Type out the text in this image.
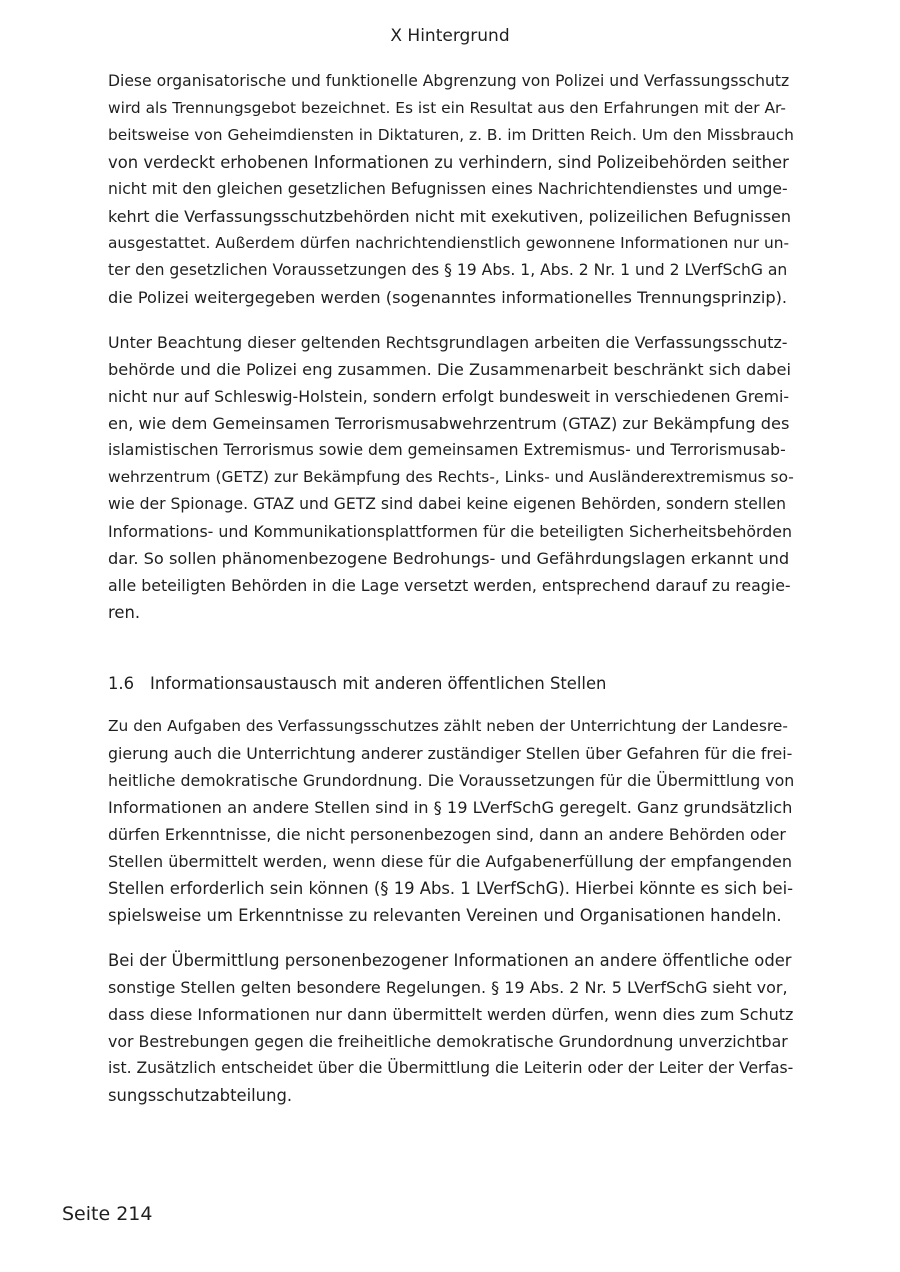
X Hintergrund

Diese organisatorische und funktionelle Abgrenzung von Polizei und Verfassungsschutz
wird als Trennungsgebot bezeichnet. Es ist ein Resultat aus den Erfahrungen mit der Ar-
beitsweise von Geheimdiensten in Diktaturen, z. B. im Dritten Reich. Um den Missbrauch
von verdeckt erhobenen Informationen zu verhindern, sind Polizeibehörden seither
nicht mit den gleichen gesetzlichen Befugnissen eines Nachrichtendienstes und umge-
kehrt die Verfassungsschutzbehörden nicht mit exekutiven, polizeilichen Befugnissen
ausgestattet. Außerdem dürfen nachrichtendienstlich gewonnene Informationen nur un-
ter den gesetzlichen Voraussetzungen des § 19 Abs. 1, Abs. 2 Nr. 1 und 2 LVerfSchG an
die Polizei weitergegeben werden (sogenanntes informationelles Trennungsprinzip).

Unter Beachtung dieser geltenden Rechtsgrundlagen arbeiten die Verfassungsschutz-
behörde und die Polizei eng zusammen. Die Zusammenarbeit beschränkt sich dabei
nicht nur auf Schleswig-Holstein, sondern erfolgt bundesweit in verschiedenen Gremi-
en, wie dem Gemeinsamen Terrorismusabwehrzentrum (GTAZ) zur Bekämpfung des
islamistischen Terrorismus sowie dem gemeinsamen Extremismus- und Terrorismusab-
wehrzentrum (GETZ) zur Bekämpfung des Rechts-, Links- und Ausländerextremismus so-
wie der Spionage. GTAZ und GETZ sind dabei keine eigenen Behörden, sondern stellen
Informations- und Kommunikationsplattformen für die beteiligten Sicherheitsbehörden
dar. So sollen phänomenbezogene Bedrohungs- und Gefährdungslagen erkannt und
alle beteiligten Behörden in die Lage versetzt werden, entsprechend darauf zu reagie-
ren.

1.6 Informationsaustausch mit anderen öffentlichen Stellen

Zu den Aufgaben des Verfassungsschutzes zählt neben der Unterrichtung der Landesre-
gierung auch die Unterrichtung anderer zuständiger Stellen über Gefahren für die frei-
heitliche demokratische Grundordnung. Die Voraussetzungen für die Übermittlung von
Informationen an andere Stellen sind in § 19 LVerfSchG geregelt. Ganz grundsätzlich
dürfen Erkenntnisse, die nicht personenbezogen sind, dann an andere Behörden oder
Stellen übermittelt werden, wenn diese für die Aufgabenerfüllung der empfangenden
Stellen erforderlich sein können (§ 19 Abs. 1 LVerfSchG). Hierbei könnte es sich bei-
spielsweise um Erkenntnisse zu relevanten Vereinen und Organisationen handeln.

Bei der Übermittlung personenbezogener Informationen an andere öffentliche oder
sonstige Stellen gelten besondere Regelungen. § 19 Abs. 2 Nr. 5 LVerfSchG sieht vor,
dass diese Informationen nur dann übermittelt werden dürfen, wenn dies zum Schutz
vor Bestrebungen gegen die freiheitliche demokratische Grundordnung unverzichtbar
ist. Zusätzlich entscheidet über die Übermittlung die Leiterin oder der Leiter der Verfas-
sungsschutzabteilung.

Seite 214
